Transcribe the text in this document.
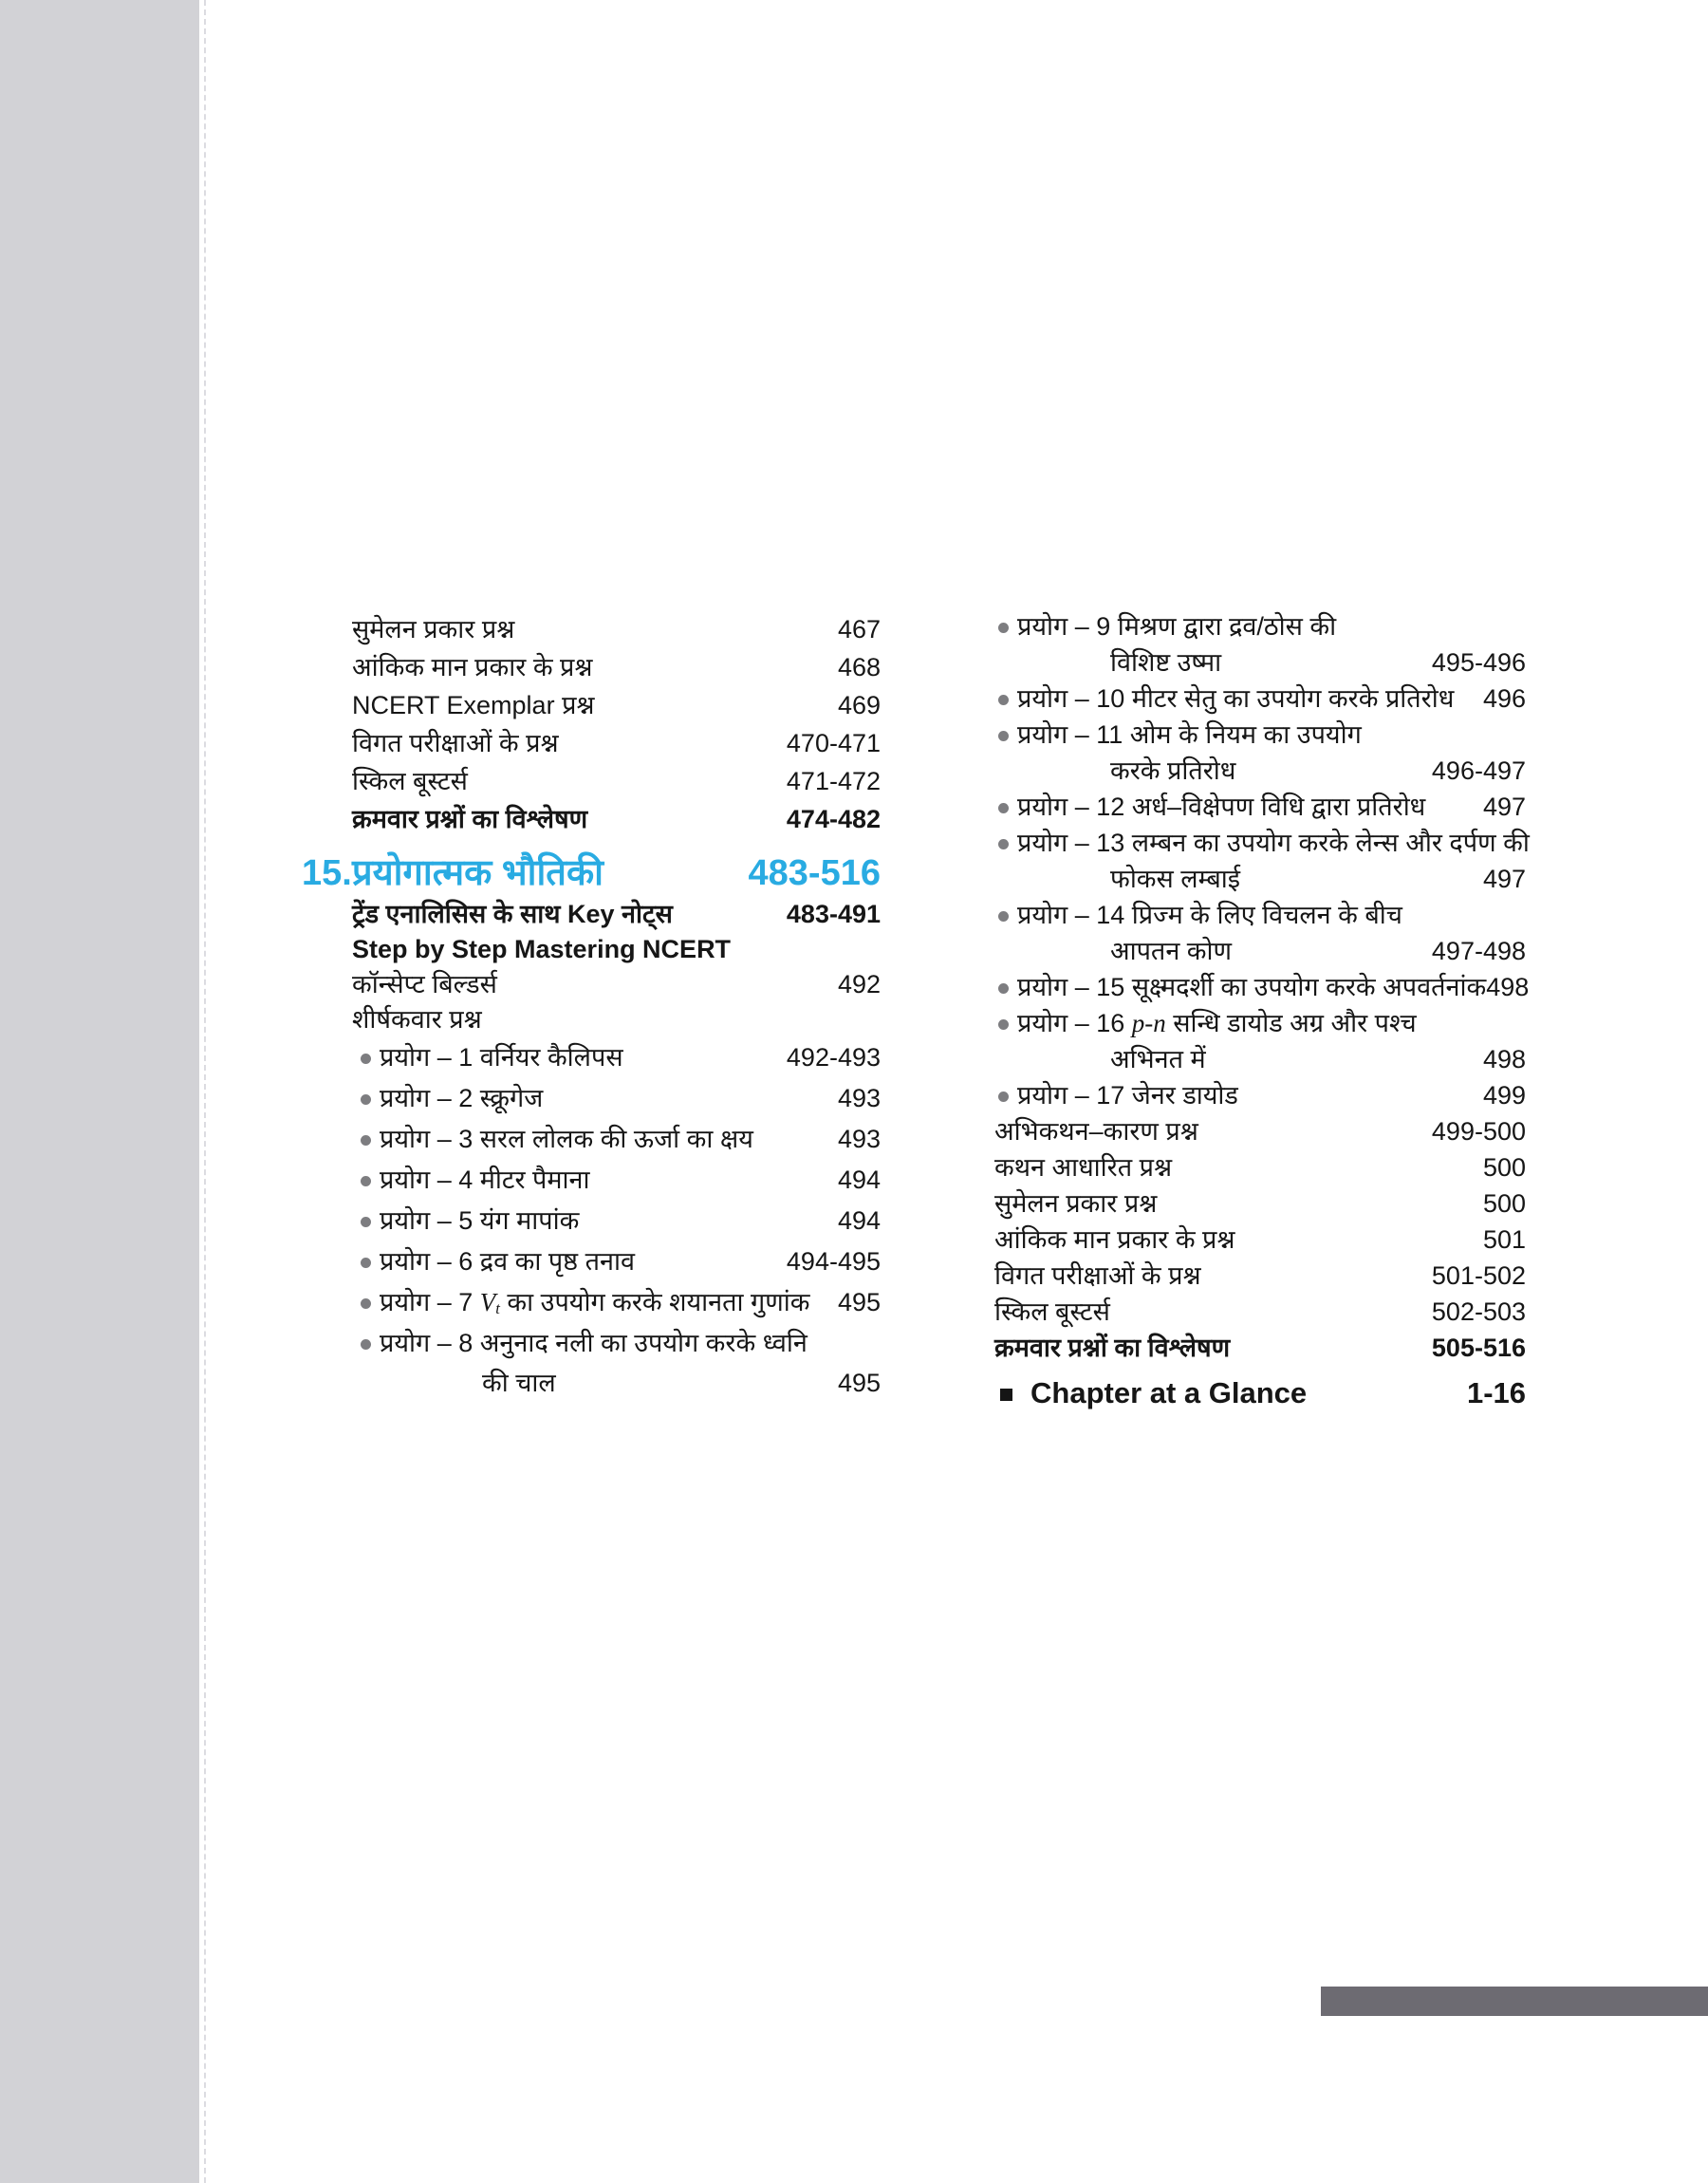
सुमेलन प्रकार प्रश्न	467
आंकिक मान प्रकार के प्रश्न	468
NCERT Exemplar प्रश्न	469
विगत परीक्षाओं के प्रश्न	470-471
स्किल बूस्टर्स	471-472
क्रमवार प्रश्नों का विश्लेषण	474-482
15. प्रयोगात्मक भौतिकी	483-516
ट्रेंड एनालिसिस के साथ Key नोट्स	483-491
Step by Step Mastering NCERT
कॉन्सेप्ट बिल्डर्स	492
शीर्षकवार प्रश्न
प्रयोग – 1 वर्नियर कैलिपस	492-493
प्रयोग – 2 स्क्रूगेज	493
प्रयोग – 3 सरल लोलक की ऊर्जा का क्षय	493
प्रयोग – 4 मीटर पैमाना	494
प्रयोग – 5 यंग मापांक	494
प्रयोग – 6 द्रव का पृष्ठ तनाव	494-495
प्रयोग – 7 Vt का उपयोग करके शयानता गुणांक	495
प्रयोग – 8 अनुनाद नली का उपयोग करके ध्वनि
की चाल	495
प्रयोग – 9 मिश्रण द्वारा द्रव/ठोस की
विशिष्ट उष्मा	495-496
प्रयोग – 10 मीटर सेतु का उपयोग करके प्रतिरोध	496
प्रयोग – 11 ओम के नियम का उपयोग
करके प्रतिरोध	496-497
प्रयोग – 12 अर्ध–विक्षेपण विधि द्वारा प्रतिरोध	497
प्रयोग – 13 लम्बन का उपयोग करके लेन्स और दर्पण की
फोकस लम्बाई	497
प्रयोग – 14 प्रिज्म के लिए विचलन के बीच
आपतन कोण	497-498
प्रयोग – 15 सूक्ष्मदर्शी का उपयोग करके अपवर्तनांक 498
प्रयोग – 16 p-n सन्धि डायोड अग्र और पश्च
अभिनत में	498
प्रयोग – 17 जेनर डायोड	499
अभिकथन–कारण प्रश्न	499-500
कथन आधारित प्रश्न	500
सुमेलन प्रकार प्रश्न	500
आंकिक मान प्रकार के प्रश्न	501
विगत परीक्षाओं के प्रश्न	501-502
स्किल बूस्टर्स	502-503
क्रमवार प्रश्नों का विश्लेषण	505-516
Chapter at a Glance	1-16
